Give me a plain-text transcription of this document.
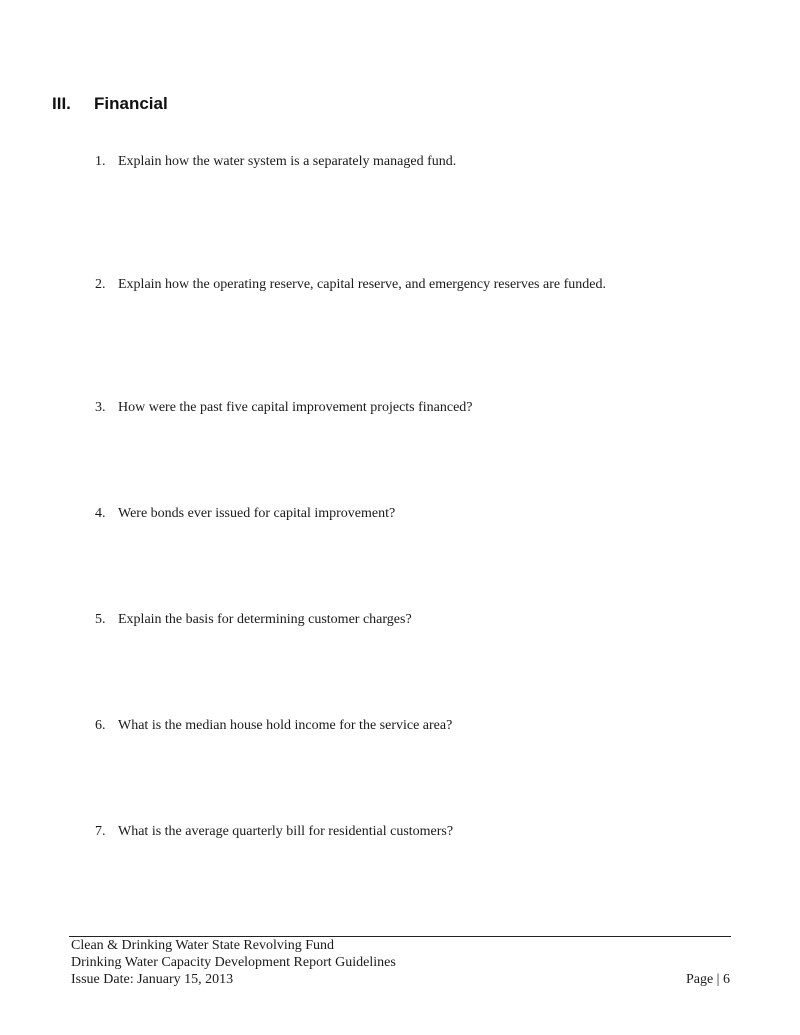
III. Financial
1. Explain how the water system is a separately managed fund.
2. Explain how the operating reserve, capital reserve, and emergency reserves are funded.
3. How were the past five capital improvement projects financed?
4. Were bonds ever issued for capital improvement?
5. Explain the basis for determining customer charges?
6. What is the median house hold income for the service area?
7. What is the average quarterly bill for residential customers?
Clean & Drinking Water State Revolving Fund
Drinking Water Capacity Development Report Guidelines
Issue Date: January 15, 2013	Page | 6
